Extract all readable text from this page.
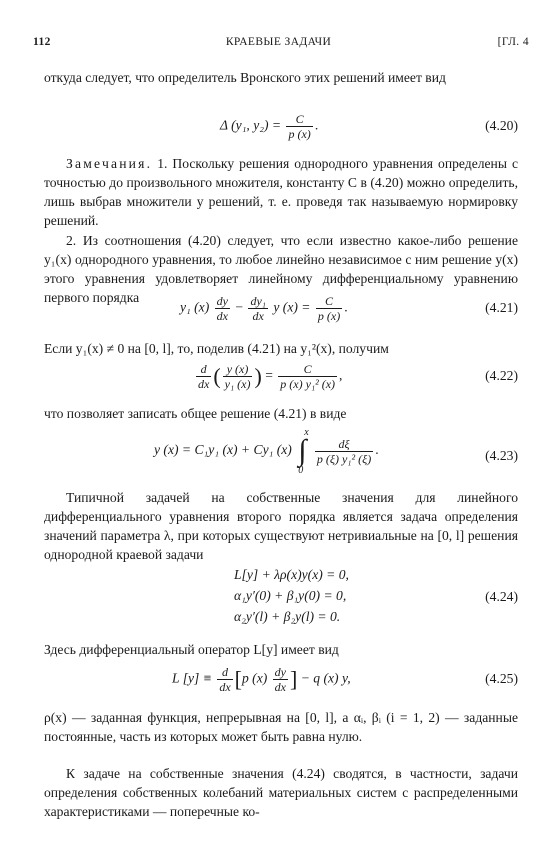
112	КРАЕВЫЕ ЗАДАЧИ	[ГЛ. 4
откуда следует, что определитель Вронского этих решений имеет вид
Δ (y₁, $y_2) = \frac{C}{p (x)}$ .	(4.20)
Замечания. 1. Поскольку решения однородного уравнения определены с точностью до произвольного множителя, константу C в (4.20) можно определить, лишь выбрав множители у решений, т. е. проведя так называемую нормировку решений.
2. Из соотношения (4.20) следует, что если известно какое-либо решение y₁(x) однородного уравнения, то любое линейно независимое с ним решение y(x) этого уравнения удовлетворяет линейному дифференциальному уравнению первого порядка
y₁ $(x) \frac{dy}{dx} - \frac{\text{dy₁}}{dx}$ y $(x) = \frac{C}{p (x)}$ .	(4.21)
Если y₁(x) ≠ 0 на [0, l], то, поделив (4.21) на y₁²(x), получим
$\frac{d}{dx}$ ( $\frac{y (x)}{\text{y₁ (x)}}$ ) = $\frac{C}{\text{p (x) y₁² (x)}}$ ,	(4.22)
что позволяет записать общее решение (4.21) в виде
y (x) = C₁y₁ (x) + Cy₁ (x) ∫
x
0

$\frac{d\xi}{\text{p (ξ) y₁² (ξ)}}$ .	(4.23)
Типичной задачей на собственные значения для линейного дифференциального уравнения второго порядка является задача определения значений параметра λ, при которых существуют нетривиальные на [0, l] решения однородной краевой задачи
L[y] + λρ(x)y(x) = 0,
α₁y′(0) + β₁y(0) = 0,
α₂y′(l) + β₂y(l) = 0.
(4.24)
Здесь дифференциальный оператор L[y] имеет вид
L $[y] \equiv \frac{d}{dx} [p$ $(x) \frac{dy}{dx}$ ] − q (x) y,	(4.25)
ρ(x) — заданная функция, непрерывная на [0, l], а αᵢ, βᵢ (i = 1, 2) — заданные постоянные, часть из которых может быть равна нулю.
К задаче на собственные значения (4.24) сводятся, в частности, задачи определения собственных колебаний материальных систем с распределенными характеристиками — поперечные ко-
